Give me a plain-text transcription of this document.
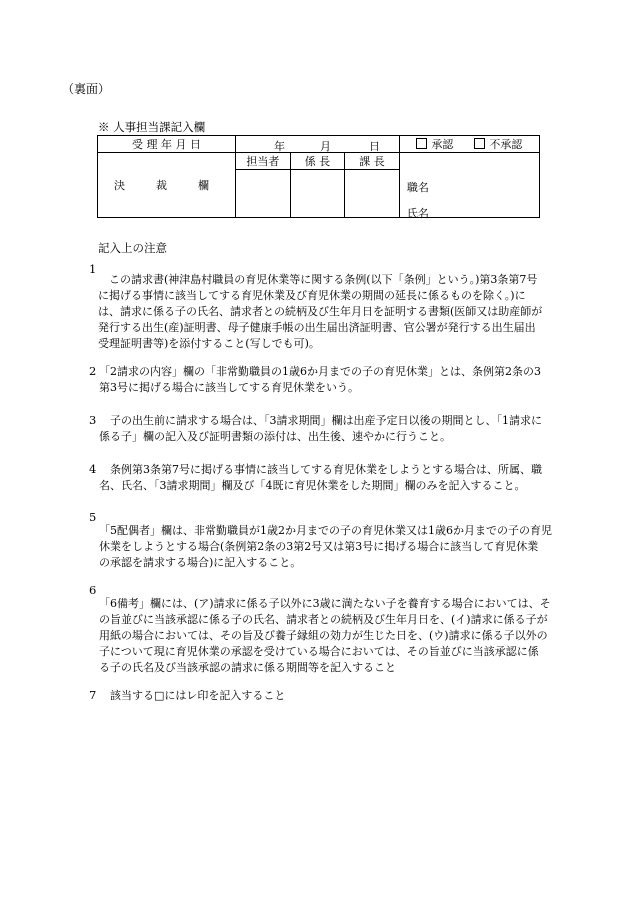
（裏面）
※ 人事担当課記入欄
受 理 年 月 日	年 月 日			承認 不承認
決　裁　欄	担当者	係 長	課 長	職名
氏名

記入上の注意
1
　この請求書(神津島村職員の育児休業等に関する条例(以下「条例」という。)第3条第7号
に掲げる事情に該当してする育児休業及び育児休業の期間の延長に係るものを除く。)に
は、請求に係る子の氏名、請求者との続柄及び生年月日を証明する書類(医師又は助産師が
発行する出生(産)証明書、母子健康手帳の出生届出済証明書、官公署が発行する出生届出
受理証明書等)を添付すること(写しでも可)。
2 「2請求の内容」欄の「非常勤職員の1歳6か月までの子の育児休業」とは、条例第2条の3
第3号に掲げる場合に該当してする育児休業をいう。
3	子の出生前に請求する場合は、「3請求期間」欄は出産予定日以後の期間とし、「1請求に
係る子」欄の記入及び証明書類の添付は、出生後、速やかに行うこと。
4	条例第3条第7号に掲げる事情に該当してする育児休業をしようとする場合は、所属、職
名、氏名、「3請求期間」欄及び「4既に育児休業をした期間」欄のみを記入すること。
5
「5配偶者」欄は、非常勤職員が1歳2か月までの子の育児休業又は1歳6か月までの子の育児
休業をしようとする場合(条例第2条の3第2号又は第3号に掲げる場合に該当して育児休業
の承認を請求する場合)に記入すること。
6
「6備考」欄には、(ア)請求に係る子以外に3歳に満たない子を養育する場合においては、そ
の旨並びに当該承認に係る子の氏名、請求者との続柄及び生年月日を、(イ)請求に係る子が
用紙の場合においては、その旨及び養子縁組の効力が生じた日を、(ウ)請求に係る子以外の
子について現に育児休業の承認を受けている場合においては、その旨並びに当該承認に係
る子の氏名及び当該承認の請求に係る期間等を記入すること
7 該当する□にはレ印を記入すること
